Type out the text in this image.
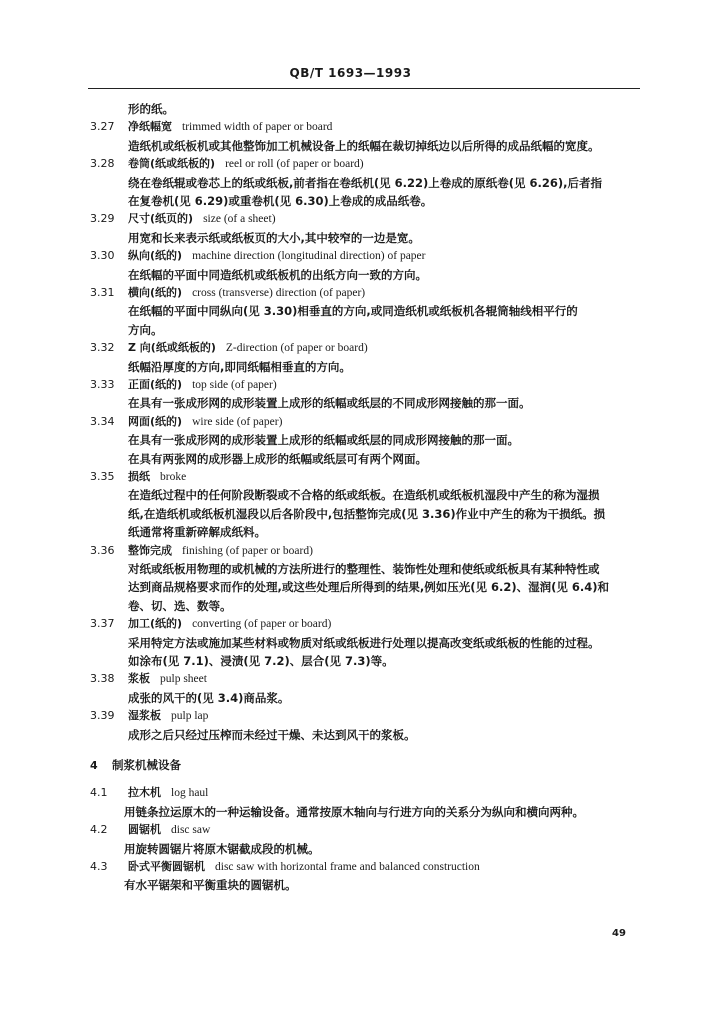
QB/T 1693—1993
形的纸。
3.27 净纸幅宽 trimmed width of paper or board
造纸机或纸板机或其他整饰加工机械设备上的纸幅在裁切掉纸边以后所得的成品纸幅的宽度。
3.28 卷筒(纸或纸板的) reel or roll (of paper or board)
绕在卷纸辊或卷芯上的纸或纸板,前者指在卷纸机(见 6.22)上卷成的原纸卷(见 6.26),后者指
在复卷机(见 6.29)或重卷机(见 6.30)上卷成的成品纸卷。
3.29 尺寸(纸页的) size (of a sheet)
用宽和长来表示纸或纸板页的大小,其中较窄的一边是宽。
3.30 纵向(纸的) machine direction (longitudinal direction) of paper
在纸幅的平面中同造纸机或纸板机的出纸方向一致的方向。
3.31 横向(纸的) cross (transverse) direction (of paper)
在纸幅的平面中同纵向(见 3.30)相垂直的方向,或同造纸机或纸板机各辊筒轴线相平行的
方向。
3.32 Z 向(纸或纸板的) Z-direction (of paper or board)
纸幅沿厚度的方向,即同纸幅相垂直的方向。
3.33 正面(纸的) top side (of paper)
在具有一张成形网的成形装置上成形的纸幅或纸层的不同成形网接触的那一面。
3.34 网面(纸的) wire side (of paper)
在具有一张成形网的成形装置上成形的纸幅或纸层的同成形网接触的那一面。
在具有两张网的成形器上成形的纸幅或纸层可有两个网面。
3.35 损纸 broke
在造纸过程中的任何阶段断裂或不合格的纸或纸板。在造纸机或纸板机湿段中产生的称为湿损
纸,在造纸机或纸板机湿段以后各阶段中,包括整饰完成(见 3.36)作业中产生的称为干损纸。损
纸通常将重新碎解成纸料。
3.36 整饰完成 finishing (of paper or board)
对纸或纸板用物理的或机械的方法所进行的整理性、装饰性处理和使纸或纸板具有某种特性或
达到商品规格要求而作的处理,或这些处理后所得到的结果,例如压光(见 6.2)、湿润(见 6.4)和
卷、切、选、数等。
3.37 加工(纸的) converting (of paper or board)
采用特定方法或施加某些材料或物质对纸或纸板进行处理以提高改变纸或纸板的性能的过程。
如涂布(见 7.1)、浸渍(见 7.2)、层合(见 7.3)等。
3.38 浆板 pulp sheet
成张的风干的(见 3.4)商品浆。
3.39 湿浆板 pulp lap
成形之后只经过压榨而未经过干燥、未达到风干的浆板。
4 制浆机械设备
4.1 拉木机 log haul
用链条拉运原木的一种运输设备。通常按原木轴向与行进方向的关系分为纵向和横向两种。
4.2 圆锯机 disc saw
用旋转圆锯片将原木锯截成段的机械。
4.3 卧式平衡圆锯机 disc saw with horizontal frame and balanced construction
有水平锯架和平衡重块的圆锯机。
49
